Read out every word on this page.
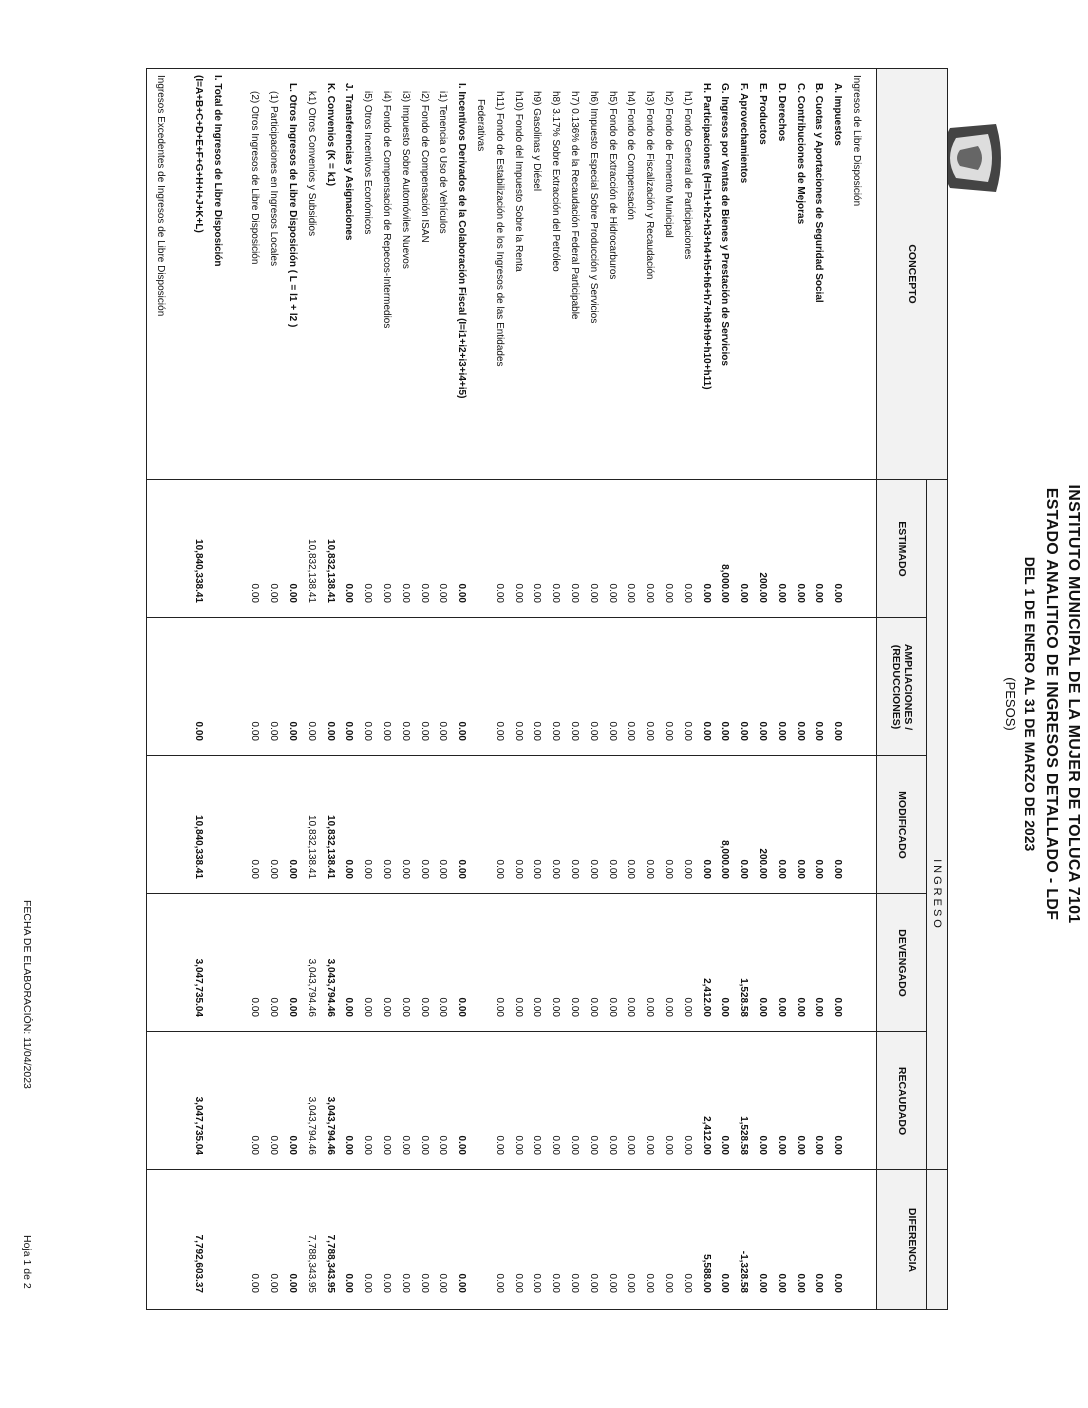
INSTITUTO MUNICIPAL DE LA MUJER DE TOLUCA 7101
ESTADO ANALITICO DE INGRESOS DETALLADO - LDF
DEL 1 DE ENERO AL 31 DE MARZO DE 2023
(PESOS)
CONCEPTO
INGRESO
ESTIMADO
AMPLIACIONES / (REDUCCIONES)
MODIFICADO
DEVENGADO
RECAUDADO
DIFERENCIA
Ingresos de Libre Disposición
A. Impuestos
0.00
0.00
0.00
0.00
0.00
0.00
B. Cuotas y Aportaciones de Seguridad Social
0.00
0.00
0.00
0.00
0.00
0.00
C. Contribuciones de Mejoras
0.00
0.00
0.00
0.00
0.00
0.00
D. Derechos
0.00
0.00
0.00
0.00
0.00
0.00
E. Productos
200.00
0.00
200.00
0.00
0.00
0.00
F. Aprovechamientos
0.00
0.00
0.00
1,528.58
1,528.58
-1,328.58
G. Ingresos por Ventas de Bienes y Prestación de Servicios
8,000.00
0.00
8,000.00
0.00
0.00
0.00
H. Participaciones (H=h1+h2+h3+h4+h5+h6+h7+h8+h9+h10+h11)
0.00
0.00
0.00
2,412.00
2,412.00
5,588.00
h1) Fondo General de Participaciones
0.00
0.00
0.00
0.00
0.00
0.00
h2) Fondo de Fomento Municipal
0.00
0.00
0.00
0.00
0.00
0.00
h3) Fondo de Fiscalización y Recaudación
0.00
0.00
0.00
0.00
0.00
0.00
h4) Fondo de Compensación
0.00
0.00
0.00
0.00
0.00
0.00
h5) Fondo de Extracción de Hidrocarburos
0.00
0.00
0.00
0.00
0.00
0.00
h6) Impuesto Especial Sobre Producción y Servicios
0.00
0.00
0.00
0.00
0.00
0.00
h7) 0.136% de la Recaudación Federal Participable
0.00
0.00
0.00
0.00
0.00
0.00
h8) 3.17% Sobre Extracción del Petróleo
0.00
0.00
0.00
0.00
0.00
0.00
h9) Gasolinas y Diésel
0.00
0.00
0.00
0.00
0.00
0.00
h10) Fondo del Impuesto Sobre la Renta
0.00
0.00
0.00
0.00
0.00
0.00
h11) Fondo de Estabilización de los Ingresos de las Entidades
0.00
0.00
0.00
0.00
0.00
0.00
Federativas
I. Incentivos Derivados de la Colaboración Fiscal (I=i1+i2+i3+i4+i5)
0.00
0.00
0.00
0.00
0.00
0.00
i1) Tenencia o Uso de Vehículos
0.00
0.00
0.00
0.00
0.00
0.00
i2) Fondo de Compensación ISAN
0.00
0.00
0.00
0.00
0.00
0.00
i3) Impuesto Sobre Automóviles Nuevos
0.00
0.00
0.00
0.00
0.00
0.00
i4) Fondo de Compensación de Repecos-Intermedios
0.00
0.00
0.00
0.00
0.00
0.00
i5) Otros Incentivos Económicos
0.00
0.00
0.00
0.00
0.00
0.00
J. Transferencias y Asignaciones
0.00
0.00
0.00
0.00
0.00
0.00
K. Convenios (K = k1)
10,832,138.41
0.00
10,832,138.41
3,043,794.46
3,043,794.46
7,788,343.95
k1) Otros Convenios y Subsidios
10,832,138.41
0.00
10,832,138.41
3,043,794.46
3,043,794.46
7,788,343.95
L. Otros Ingresos de Libre Disposición ( L = l1 + l2 )
0.00
0.00
0.00
0.00
0.00
0.00
(1) Participaciones en Ingresos Locales
0.00
0.00
0.00
0.00
0.00
0.00
(2) Otros Ingresos de Libre Disposición
0.00
0.00
0.00
0.00
0.00
0.00
I. Total de Ingresos de Libre Disposición
(I=A+B+C+D+E+F+G+H+I+J+K+L)
10,840,338.41
0.00
10,840,338.41
3,047,735.04
3,047,735.04
7,792,603.37
Ingresos Excedentes de Ingresos de Libre Disposición
FECHA DE ELABORACIÓN: 11/04/2023
Hoja 1 de 2
